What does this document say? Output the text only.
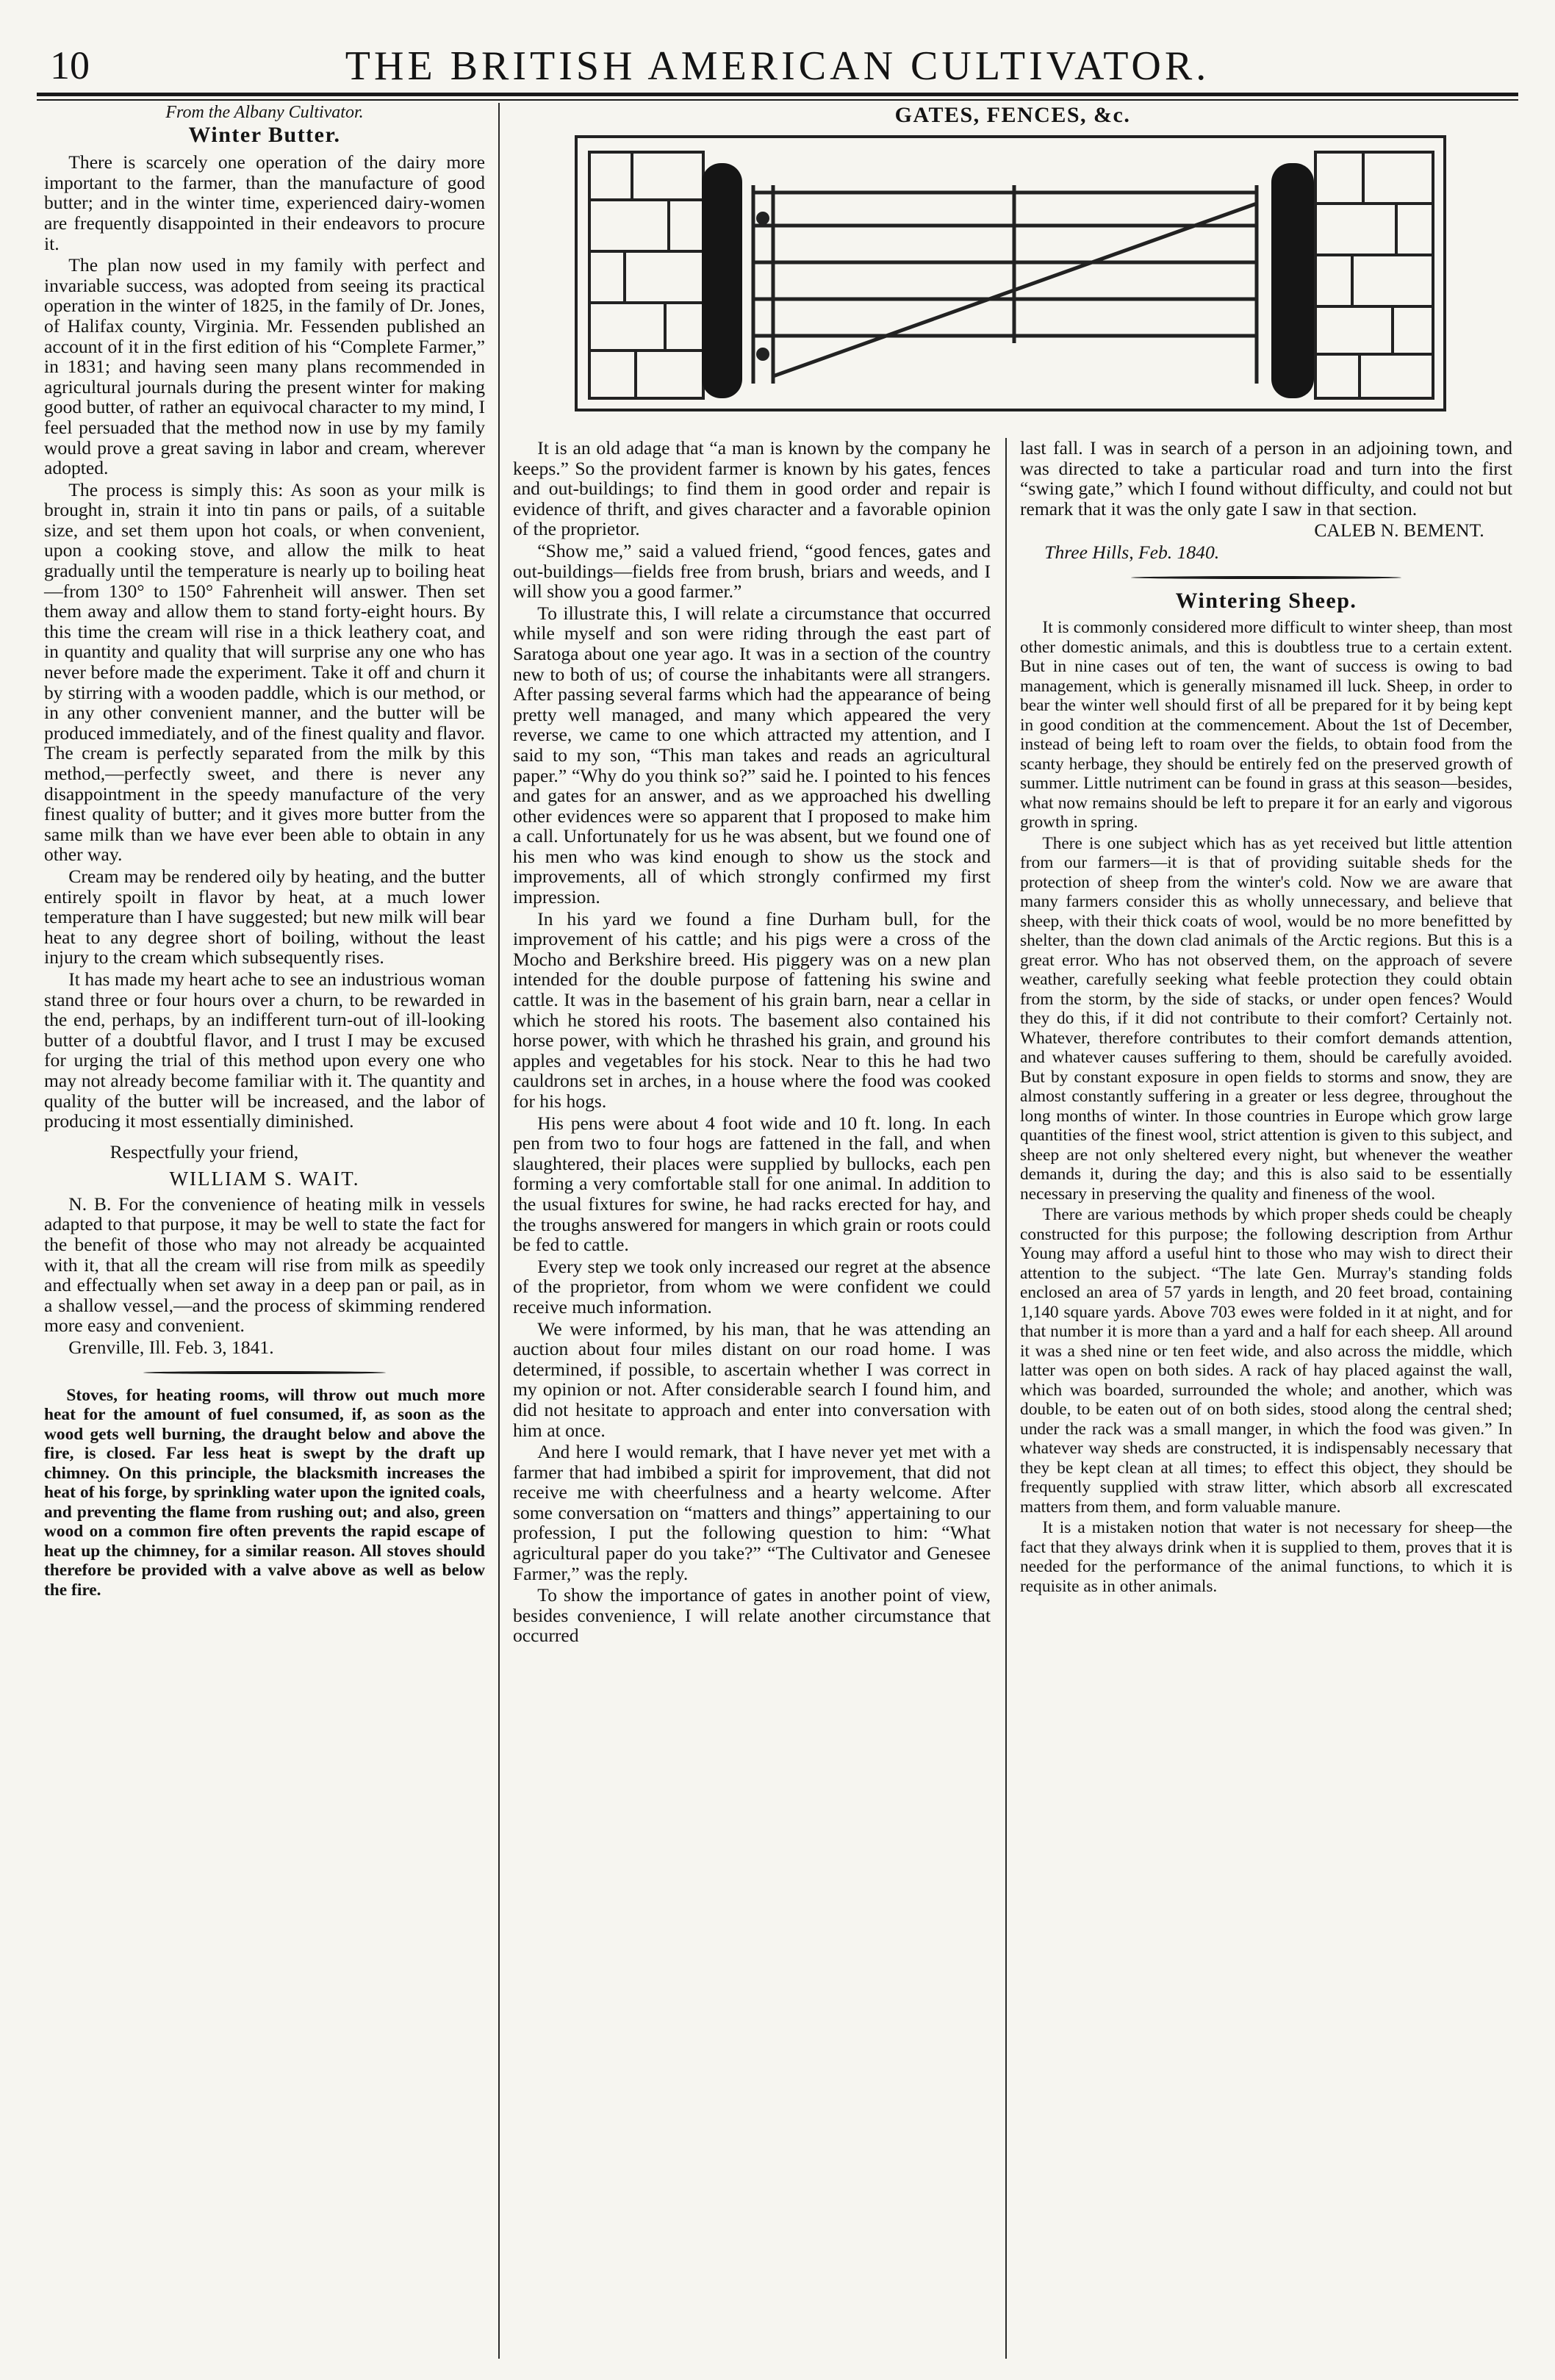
10	THE BRITISH AMERICAN CULTIVATOR.
From the Albany Cultivator.
Winter Butter.

There is scarcely one operation of the dairy more important to the farmer, than the manufacture of good butter; and in the winter time, experienced dairy-women are frequently disappointed in their endeavors to procure it.

The plan now used in my family with perfect and invariable success, was adopted from seeing its practical operation in the winter of 1825, in the family of Dr. Jones, of Halifax county, Virginia. Mr. Fessenden published an account of it in the first edition of his “Complete Farmer,” in 1831; and having seen many plans recommended in agricultural journals during the present winter for making good butter, of rather an equivocal character to my mind, I feel persuaded that the method now in use by my family would prove a great saving in labor and cream, wherever adopted.

The process is simply this: As soon as your milk is brought in, strain it into tin pans or pails, of a suitable size, and set them upon hot coals, or when convenient, upon a cooking stove, and allow the milk to heat gradually until the temperature is nearly up to boiling heat—from 130° to 150° Fahrenheit will answer. Then set them away and allow them to stand forty-eight hours. By this time the cream will rise in a thick leathery coat, and in quantity and quality that will surprise any one who has never before made the experiment. Take it off and churn it by stirring with a wooden paddle, which is our method, or in any other convenient manner, and the butter will be produced immediately, and of the finest quality and flavor. The cream is perfectly separated from the milk by this method,—perfectly sweet, and there is never any disappointment in the speedy manufacture of the very finest quality of butter; and it gives more butter from the same milk than we have ever been able to obtain in any other way.

Cream may be rendered oily by heating, and the butter entirely spoilt in flavor by heat, at a much lower temperature than I have suggested; but new milk will bear heat to any degree short of boiling, without the least injury to the cream which subsequently rises.

It has made my heart ache to see an industrious woman stand three or four hours over a churn, to be rewarded in the end, perhaps, by an indifferent turn-out of ill-looking butter of a doubtful flavor, and I trust I may be excused for urging the trial of this method upon every one who may not already become familiar with it. The quantity and quality of the butter will be increased, and the labor of producing it most essentially diminished.

Respectfully your friend,

WILLIAM S. WAIT.

N. B. For the convenience of heating milk in vessels adapted to that purpose, it may be well to state the fact for the benefit of those who may not already be acquainted with it, that all the cream will rise from milk as speedily and effectually when set away in a deep pan or pail, as in a shallow vessel,—and the process of skimming rendered more easy and convenient.

Grenville, Ill. Feb. 3, 1841.

Stoves, for heating rooms, will throw out much more heat for the amount of fuel consumed, if, as soon as the wood gets well burning, the draught below and above the fire, is closed. Far less heat is swept by the draft up chimney. On this principle, the blacksmith increases the heat of his forge, by sprinkling water upon the ignited coals, and preventing the flame from rushing out; and also, green wood on a common fire often prevents the rapid escape of heat up the chimney, for a similar reason. All stoves should therefore be provided with a valve above as well as below the fire.

GATES, FENCES, &c.

It is an old adage that “a man is known by the company he keeps.” So the provident farmer is known by his gates, fences and out-buildings; to find them in good order and repair is evidence of thrift, and gives character and a favorable opinion of the proprietor.

“Show me,” said a valued friend, “good fences, gates and out-buildings—fields free from brush, briars and weeds, and I will show you a good farmer.”

To illustrate this, I will relate a circumstance that occurred while myself and son were riding through the east part of Saratoga about one year ago. It was in a section of the country new to both of us; of course the inhabitants were all strangers. After passing several farms which had the appearance of being pretty well managed, and many which appeared the very reverse, we came to one which attracted my attention, and I said to my son, “This man takes and reads an agricultural paper.” “Why do you think so?” said he. I pointed to his fences and gates for an answer, and as we approached his dwelling other evidences were so apparent that I proposed to make him a call. Unfortunately for us he was absent, but we found one of his men who was kind enough to show us the stock and improvements, all of which strongly confirmed my first impression.

In his yard we found a fine Durham bull, for the improvement of his cattle; and his pigs were a cross of the Mocho and Berkshire breed. His piggery was on a new plan intended for the double purpose of fattening his swine and cattle. It was in the basement of his grain barn, near a cellar in which he stored his roots. The basement also contained his horse power, with which he thrashed his grain, and ground his apples and vegetables for his stock. Near to this he had two cauldrons set in arches, in a house where the food was cooked for his hogs.

His pens were about 4 foot wide and 10 ft. long. In each pen from two to four hogs are fattened in the fall, and when slaughtered, their places were supplied by bullocks, each pen forming a very comfortable stall for one animal. In addition to the usual fixtures for swine, he had racks erected for hay, and the troughs answered for mangers in which grain or roots could be fed to cattle.

Every step we took only increased our regret at the absence of the proprietor, from whom we were confident we could receive much information.

We were informed, by his man, that he was attending an auction about four miles distant on our road home. I was determined, if possible, to ascertain whether I was correct in my opinion or not. After considerable search I found him, and did not hesitate to approach and enter into conversation with him at once.

And here I would remark, that I have never yet met with a farmer that had imbibed a spirit for improvement, that did not receive me with cheerfulness and a hearty welcome. After some conversation on “matters and things” appertaining to our profession, I put the following question to him: “What agricultural paper do you take?” “The Cultivator and Genesee Farmer,” was the reply.

To show the importance of gates in another point of view, besides convenience, I will relate another circumstance that occurred

last fall. I was in search of a person in an adjoining town, and was directed to take a particular road and turn into the first “swing gate,” which I found without difficulty, and could not but remark that it was the only gate I saw in that section.

CALEB N. BEMENT.

Three Hills, Feb. 1840.

Wintering Sheep.

It is commonly considered more difficult to winter sheep, than most other domestic animals, and this is doubtless true to a certain extent. But in nine cases out of ten, the want of success is owing to bad management, which is generally misnamed ill luck. Sheep, in order to bear the winter well should first of all be prepared for it by being kept in good condition at the commencement. About the 1st of December, instead of being left to roam over the fields, to obtain food from the scanty herbage, they should be entirely fed on the preserved growth of summer. Little nutriment can be found in grass at this season—besides, what now remains should be left to prepare it for an early and vigorous growth in spring.

There is one subject which has as yet received but little attention from our farmers—it is that of providing suitable sheds for the protection of sheep from the winter's cold. Now we are aware that many farmers consider this as wholly unnecessary, and believe that sheep, with their thick coats of wool, would be no more benefitted by shelter, than the down clad animals of the Arctic regions. But this is a great error. Who has not observed them, on the approach of severe weather, carefully seeking what feeble protection they could obtain from the storm, by the side of stacks, or under open fences? Would they do this, if it did not contribute to their comfort? Certainly not. Whatever, therefore contributes to their comfort demands attention, and whatever causes suffering to them, should be carefully avoided. But by constant exposure in open fields to storms and snow, they are almost constantly suffering in a greater or less degree, throughout the long months of winter. In those countries in Europe which grow large quantities of the finest wool, strict attention is given to this subject, and sheep are not only sheltered every night, but whenever the weather demands it, during the day; and this is also said to be essentially necessary in preserving the quality and fineness of the wool.

There are various methods by which proper sheds could be cheaply constructed for this purpose; the following description from Arthur Young may afford a useful hint to those who may wish to direct their attention to the subject. “The late Gen. Murray's standing folds enclosed an area of 57 yards in length, and 20 feet broad, containing 1,140 square yards. Above 703 ewes were folded in it at night, and for that number it is more than a yard and a half for each sheep. All around it was a shed nine or ten feet wide, and also across the middle, which latter was open on both sides. A rack of hay placed against the wall, which was boarded, surrounded the whole; and another, which was double, to be eaten out of on both sides, stood along the central shed; under the rack was a small manger, in which the food was given.” In whatever way sheds are constructed, it is indispensably necessary that they be kept clean at all times; to effect this object, they should be frequently supplied with straw litter, which absorb all excrescated matters from them, and form valuable manure.

It is a mistaken notion that water is not necessary for sheep—the fact that they always drink when it is supplied to them, proves that it is needed for the performance of the animal functions, to which it is requisite as in other animals.
